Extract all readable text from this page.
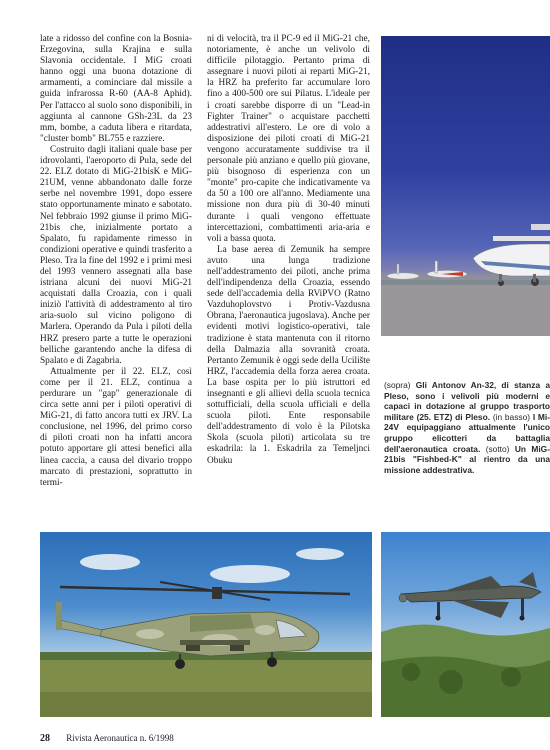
late a ridosso del confine con la Bosnia-Erzegovina, sulla Krajina e sulla Slavonia occidentale. I MiG croati hanno oggi una buona dotazione di armamenti, a cominciare dal missile a guida infrarossa R-60 (AA-8 Aphid). Per l'attacco al suolo sono disponibili, in aggiunta al cannone GSh-23L da 23 mm, bombe, a caduta libera e ritardata, "cluster bomb" BL755 e razziere.

Costruito dagli italiani quale base per idrovolanti, l'aeroporto di Pula, sede del 22. ELZ dotato di MiG-21bisK e MiG-21UM, venne abbandonato dalle forze serbe nel novembre 1991, dopo essere stato opportunamente minato e sabotato. Nel febbraio 1992 giunse il primo MiG-21bis che, inizialmente portato a Spalato, fu rapidamente rimesso in condizioni operative e quindi trasferito a Pleso. Tra la fine del 1992 e i primi mesi del 1993 vennero assegnati alla base istriana alcuni dei nuovi MiG-21 acquistati dalla Croazia, con i quali iniziò l'attività di addestramento al tiro aria-suolo sul vicino poligono di Marlera. Operando da Pula i piloti della HRZ presero parte a tutte le operazioni belliche garantendo anche la difesa di Spalato e di Zagabria.

Attualmente per il 22. ELZ, così come per il 21. ELZ, continua a perdurare un "gap" generazionale di circa sette anni per i piloti operativi di MiG-21, di fatto ancora tutti ex JRV. La conclusione, nel 1996, del primo corso di piloti croati non ha infatti ancora potuto apportare gli attesi benefici alla linea caccia, a causa del divario troppo marcato di prestazioni, soprattutto in termi-

ni di velocità, tra il PC-9 ed il MiG-21 che, notoriamente, è anche un velivolo di difficile pilotaggio. Pertanto prima di assegnare i nuovi piloti ai reparti MiG-21, la HRZ ha preferito far accumulare loro fino a 400-500 ore sui Pilatus. L'ideale per i croati sarebbe disporre di un "Lead-in Fighter Trainer" o acquistare pacchetti addestrativi all'estero. Le ore di volo a disposizione dei piloti croati di MiG-21 vengono accuratamente suddivise tra il personale più anziano e quello più giovane, più bisognoso di esperienza con un "monte" pro-capite che indicativamente va da 50 a 100 ore all'anno. Mediamente una missione non dura più di 30-40 minuti durante i quali vengono effettuate intercettazioni, combattimenti aria-aria e voli a bassa quota.

La base aerea di Zemunik ha sempre avuto una lunga tradizione nell'addestramento dei piloti, anche prima dell'indipendenza della Croazia, essendo sede dell'accademia della RViPVO (Ratno Vazduhoplovstvo i Protiv-Vazdusna Obrana, l'aeronautica jugoslava). Anche per evidenti motivi logistico-operativi, tale tradizione è stata mantenuta con il ritorno della Dalmazia alla sovranità croata. Pertanto Zemunik è oggi sede della Ucilište HRZ, l'accademia della forza aerea croata. La base ospita per lo più istruttori ed insegnanti e gli allievi della scuola tecnica sottufficiali, della scuola ufficiali e della scuola piloti. Ente responsabile dell'addestramento di volo è la Pilotska Skola (scuola piloti) articolata su tre eskadrila: la 1. Eskadrila za Temeljnci Obuku

(sopra) Gli Antonov An-32, di stanza a Pleso, sono i velivoli più moderni e capaci in dotazione al gruppo trasporto militare (25. ETZ) di Pleso. (in basso) I Mi-24V equipaggiano attualmente l'unico gruppo elicotteri da battaglia dell'aeronautica croata. (sotto) Un MiG-21bis "Fishbed-K" al rientro da una missione addestrativa.
28 Rivista Aeronautica n. 6/1998
